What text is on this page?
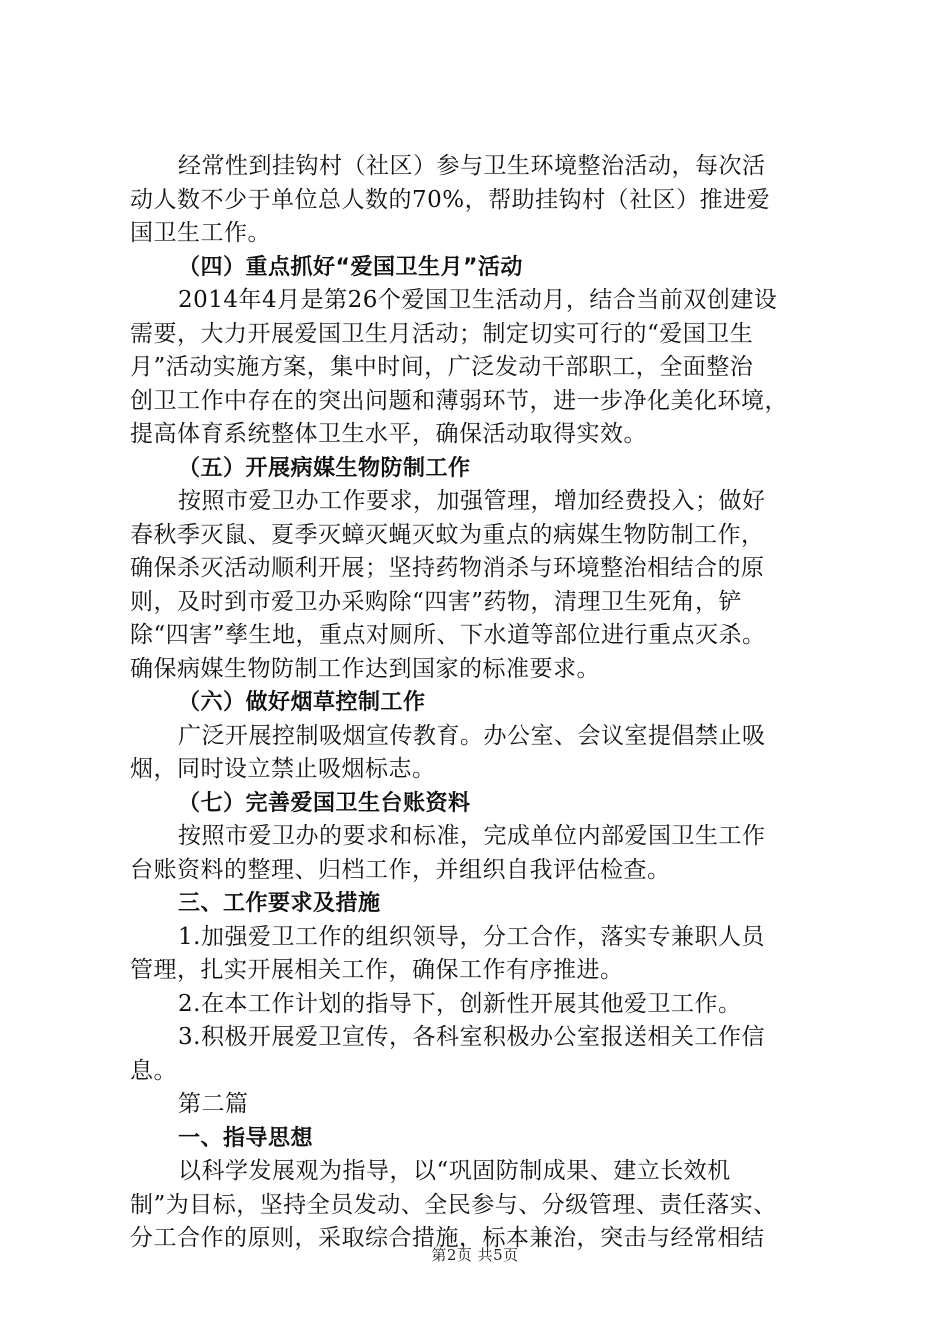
经常性到挂钩村（社区）参与卫生环境整治活动，每次活
动人数不少于单位总人数的70%，帮助挂钩村（社区）推进爱
国卫生工作。
（四）重点抓好“爱国卫生月”活动
2014年4月是第26个爱国卫生活动月，结合当前双创建设
需要，大力开展爱国卫生月活动；制定切实可行的“爱国卫生
月”活动实施方案，集中时间，广泛发动干部职工，全面整治
创卫工作中存在的突出问题和薄弱环节，进一步净化美化环境，
提高体育系统整体卫生水平，确保活动取得实效。
（五）开展病媒生物防制工作
按照市爱卫办工作要求，加强管理，增加经费投入；做好
春秋季灭鼠、夏季灭蟑灭蝇灭蚊为重点的病媒生物防制工作，
确保杀灭活动顺利开展；坚持药物消杀与环境整治相结合的原
则，及时到市爱卫办采购除“四害”药物，清理卫生死角，铲
除“四害”孳生地，重点对厕所、下水道等部位进行重点灭杀。
确保病媒生物防制工作达到国家的标准要求。
（六）做好烟草控制工作
广泛开展控制吸烟宣传教育。办公室、会议室提倡禁止吸
烟，同时设立禁止吸烟标志。
（七）完善爱国卫生台账资料
按照市爱卫办的要求和标准，完成单位内部爱国卫生工作
台账资料的整理、归档工作，并组织自我评估检查。
三、工作要求及措施
1.加强爱卫工作的组织领导，分工合作，落实专兼职人员
管理，扎实开展相关工作，确保工作有序推进。
2.在本工作计划的指导下，创新性开展其他爱卫工作。
3.积极开展爱卫宣传，各科室积极办公室报送相关工作信
息。
第二篇
一、指导思想
以科学发展观为指导，以“巩固防制成果、建立长效机
制”为目标，坚持全员发动、全民参与、分级管理、责任落实、
分工合作的原则，采取综合措施，标本兼治，突击与经常相结
第2页 共5页
